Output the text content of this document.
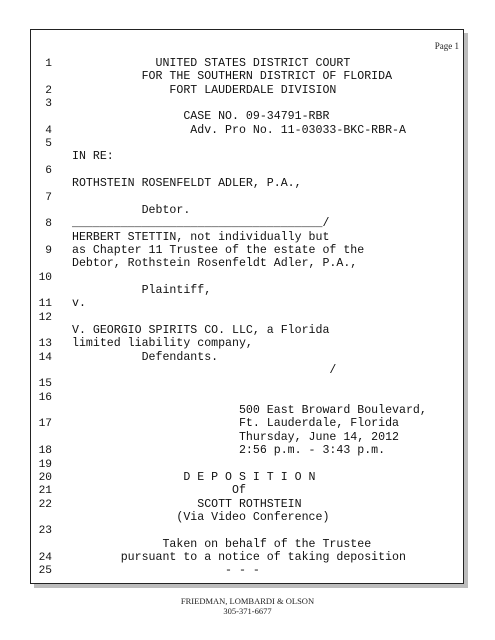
Page 1
1 UNITED STATES DISTRICT COURT
FOR THE SOUTHERN DISTRICT OF FLORIDA
2 FORT LAUDERDALE DIVISION
3
CASE NO. 09-34791-RBR
4 Adv. Pro No. 11-03033-BKC-RBR-A
5
IN RE:
6
ROTHSTEIN ROSENFELDT ADLER, P.A.,
7
Debtor.
8 ____________________________________/
HERBERT STETTIN, not individually but
9 as Chapter 11 Trustee of the estate of the
Debtor, Rothstein Rosenfeldt Adler, P.A.,
10
Plaintiff,
11 v.
12
V. GEORGIO SPIRITS CO. LLC, a Florida
13 limited liability company,
14 Defendants.
/
15
16
500 East Broward Boulevard,
17 Ft. Lauderdale, Florida
Thursday, June 14, 2012
18 2:56 p.m. - 3:43 p.m.
19
20 D E P O S I T I O N
21 Of
22 SCOTT ROTHSTEIN
(Via Video Conference)
23
Taken on behalf of the Trustee
24 pursuant to a notice of taking deposition
25 - - -
FRIEDMAN, LOMBARDI & OLSON
305-371-6677
